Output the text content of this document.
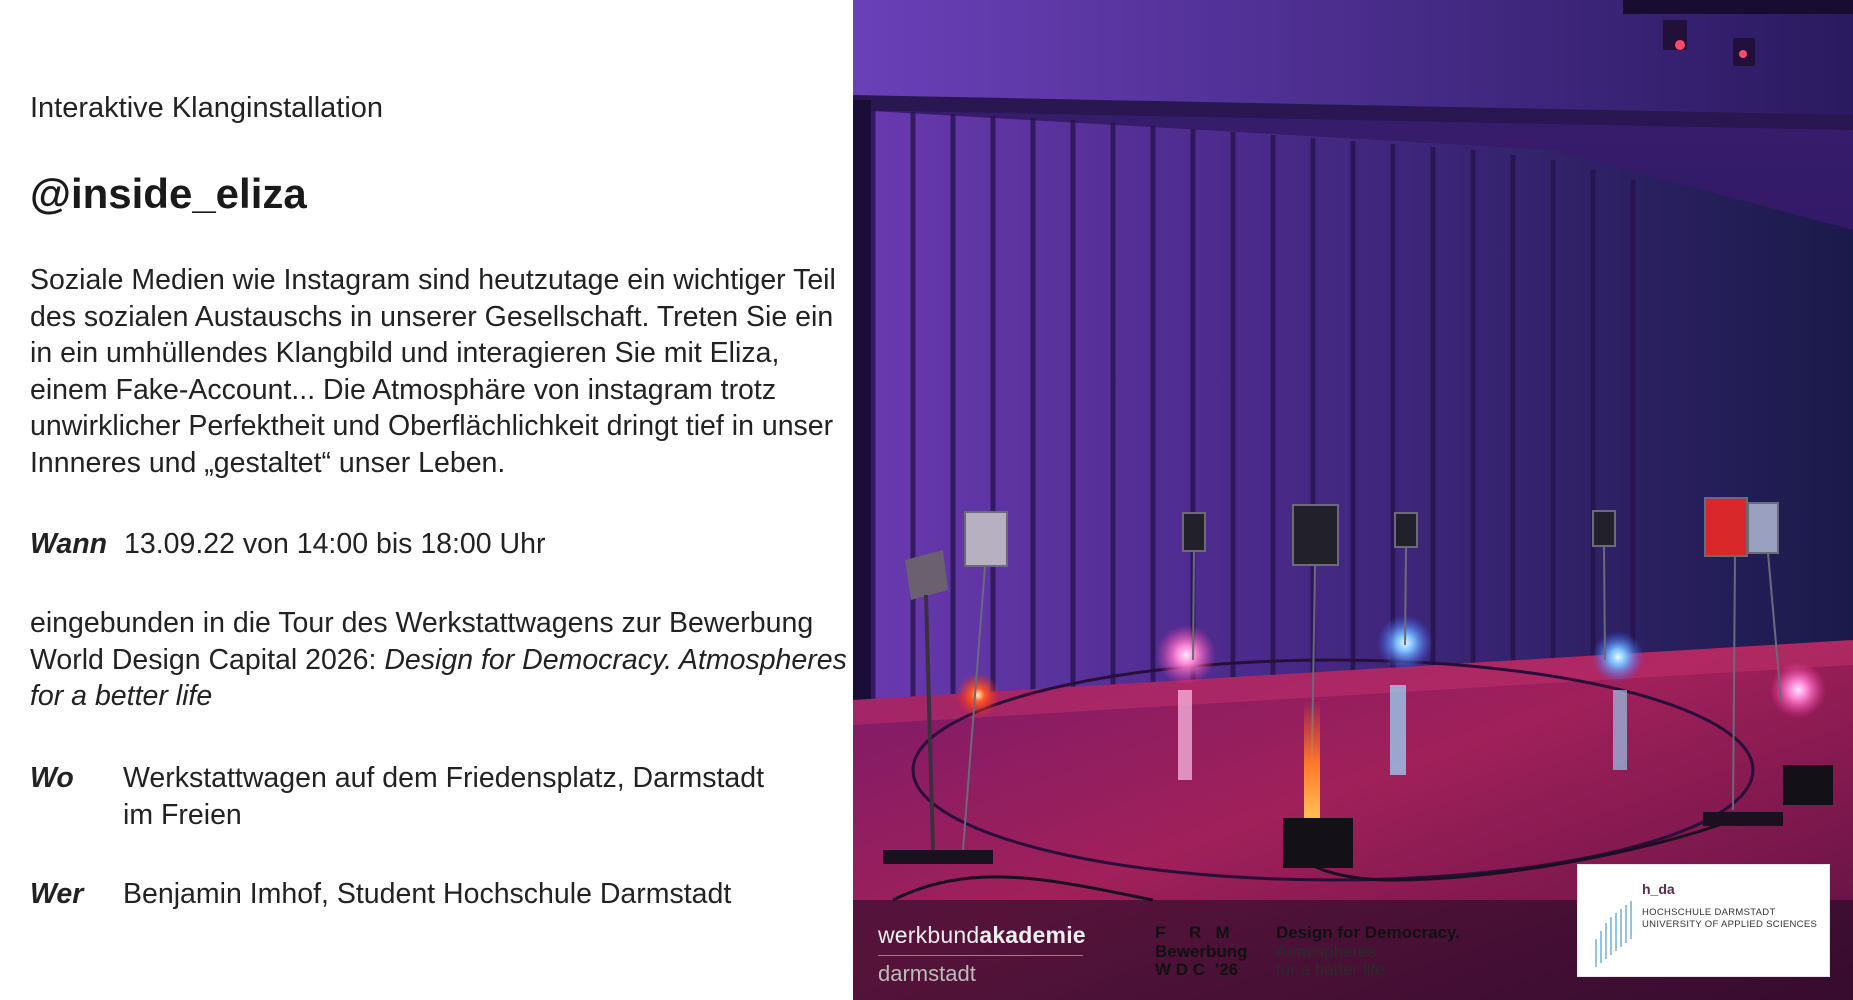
Interaktive Klanginstallation
@inside_eliza
Soziale Medien wie Instagram sind heutzutage ein wichtiger Teil des sozialen Austauschs in unserer Gesellschaft. Treten Sie ein in ein umhüllendes Klangbild und interagieren Sie mit Eliza, einem Fake-Account... Die Atmosphäre von instagram trotz unwirklicher Perfektheit und Oberflächlichkeit dringt tief in unser Innneres und „gestaltet“ unser Leben.
Wann 13.09.22 von 14:00 bis 18:00 Uhr
eingebunden in die Tour des Werkstattwagens zur Bewerbung World Design Capital 2026: Design for Democracy. Atmospheres for a better life
Wo Werkstattwagen auf dem Friedensplatz, Darmstadt
im Freien
Wer Benjamin Imhof, Student Hochschule Darmstadt
werkbundakademie
darmstadt
F     R   M
Bewerbung
W D C  ’26
Design for Democracy.
Atmospheres
for a better life
h_da
HOCHSCHULE DARMSTADT
UNIVERSITY OF APPLIED SCIENCES
